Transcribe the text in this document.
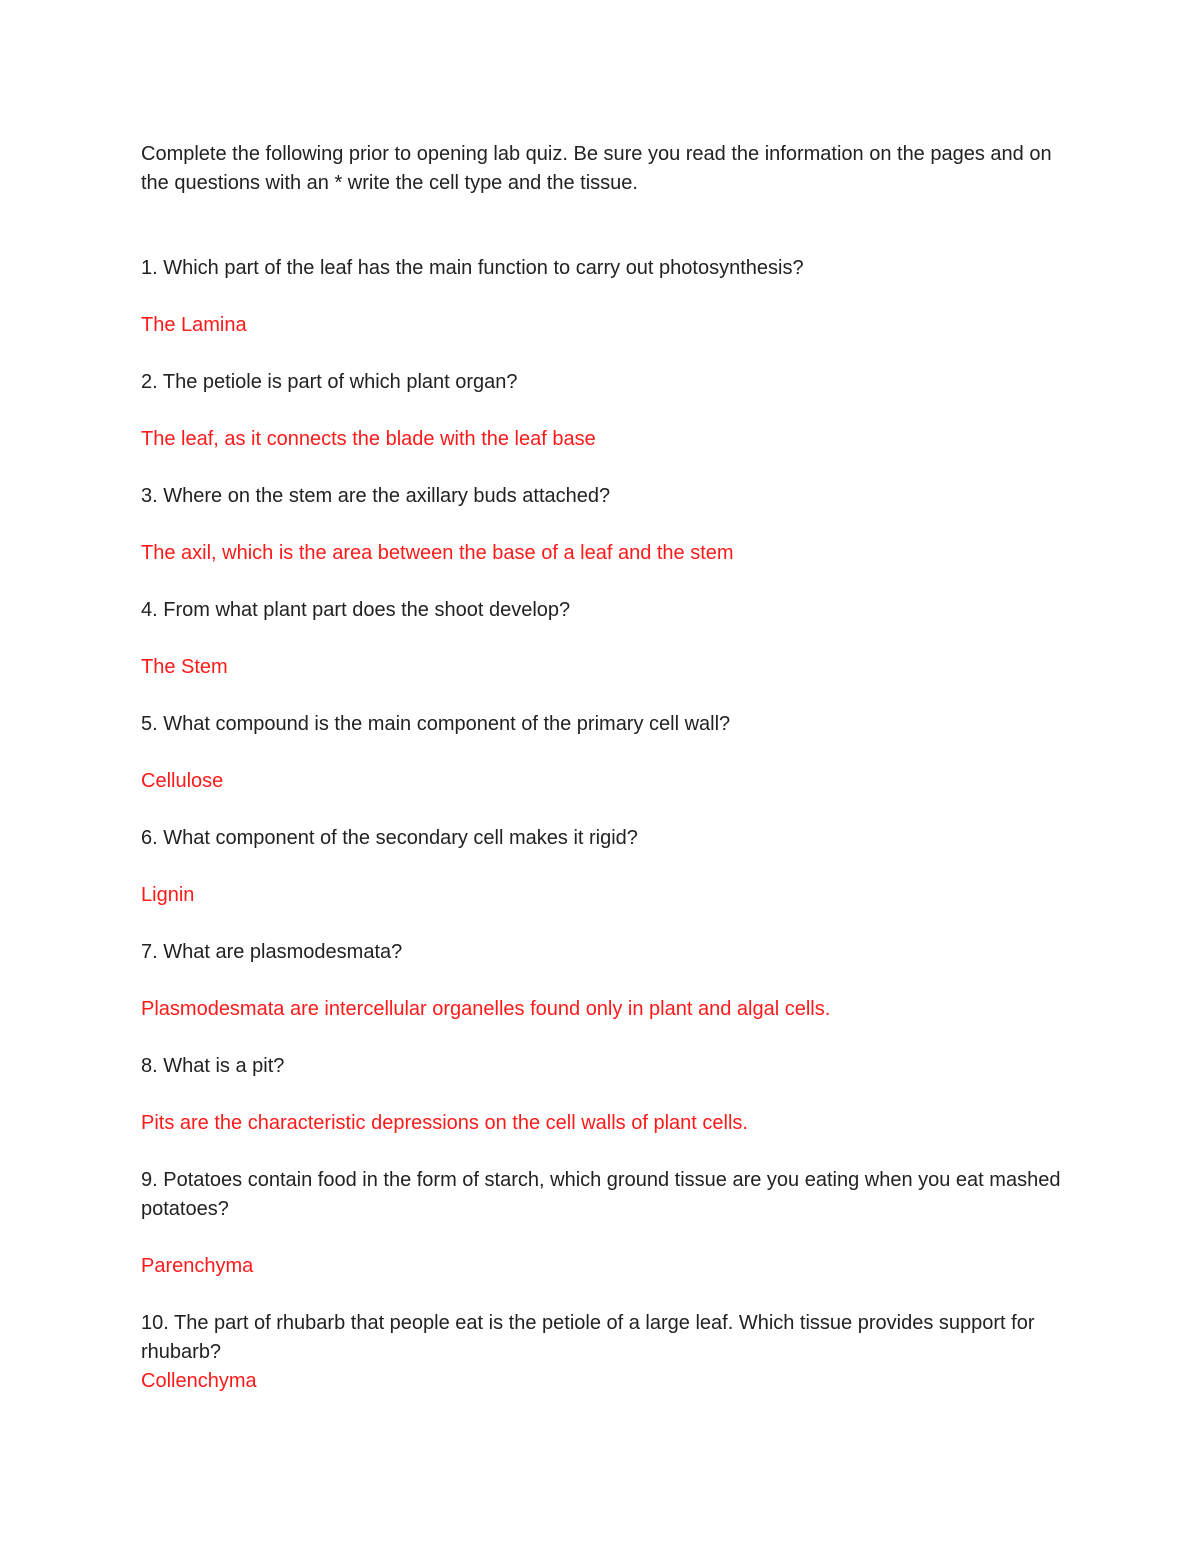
Complete the following prior to opening lab quiz. Be sure you read the information on the pages and on the questions with an * write the cell type and the tissue.

1. Which part of the leaf has the main function to carry out photosynthesis?

The Lamina

2. The petiole is part of which plant organ?

The leaf, as it connects the blade with the leaf base

3. Where on the stem are the axillary buds attached?

The axil, which is the area between the base of a leaf and the stem

4. From what plant part does the shoot develop?

The Stem

5. What compound is the main component of the primary cell wall?

Cellulose

6. What component of the secondary cell makes it rigid?

Lignin

7. What are plasmodesmata?

Plasmodesmata are intercellular organelles found only in plant and algal cells.

8. What is a pit?

Pits are the characteristic depressions on the cell walls of plant cells.

9. Potatoes contain food in the form of starch, which ground tissue are you eating when you eat mashed potatoes?

Parenchyma

10. The part of rhubarb that people eat is the petiole of a large leaf. Which tissue provides support for rhubarb?

Collenchyma
